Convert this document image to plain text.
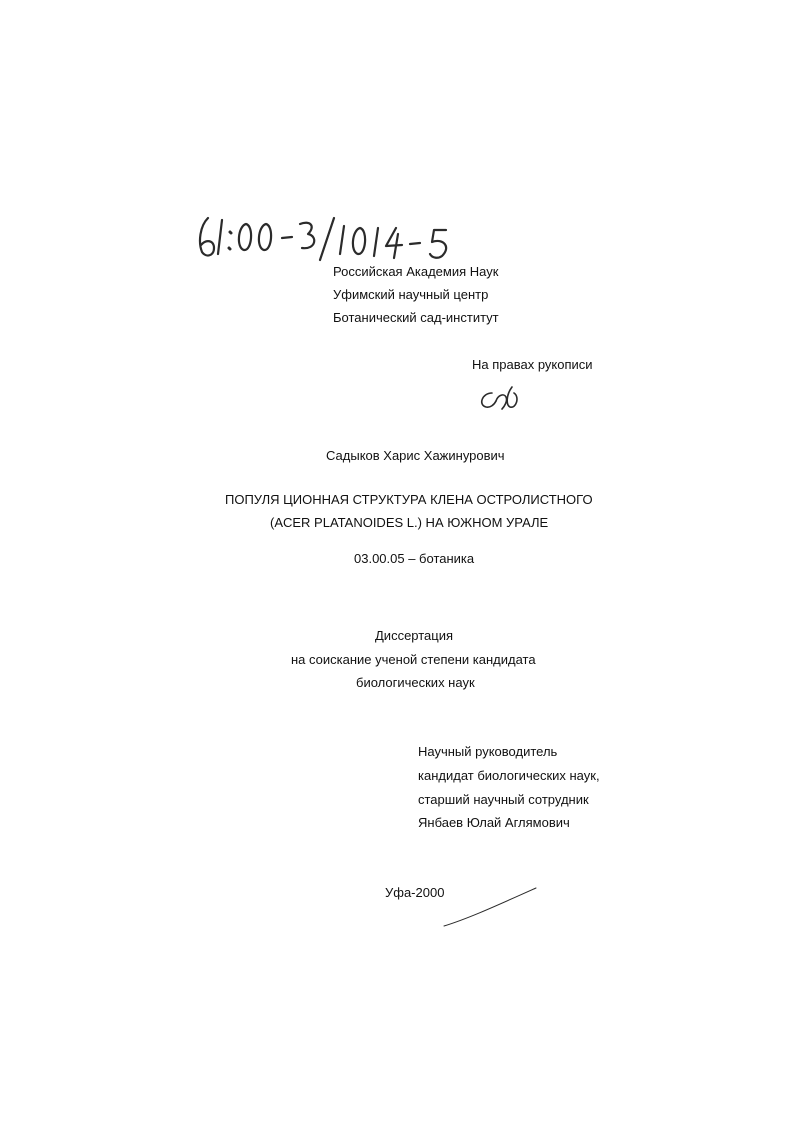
Российская Академия Наук
Уфимский научный центр
Ботанический сад-институт
На правах рукописи
Садыков Харис Хажинурович
ПОПУЛЯ ЦИОННАЯ СТРУКТУРА КЛЕНА ОСТРОЛИСТНОГО
(ACER PLATANOIDES L.) НА ЮЖНОМ УРАЛЕ
03.00.05 – ботаника
Диссертация
на соискание ученой степени кандидата
биологических наук
Научный руководитель
кандидат биологических наук,
старший научный сотрудник
Янбаев Юлай Аглямович
Уфа-2000
